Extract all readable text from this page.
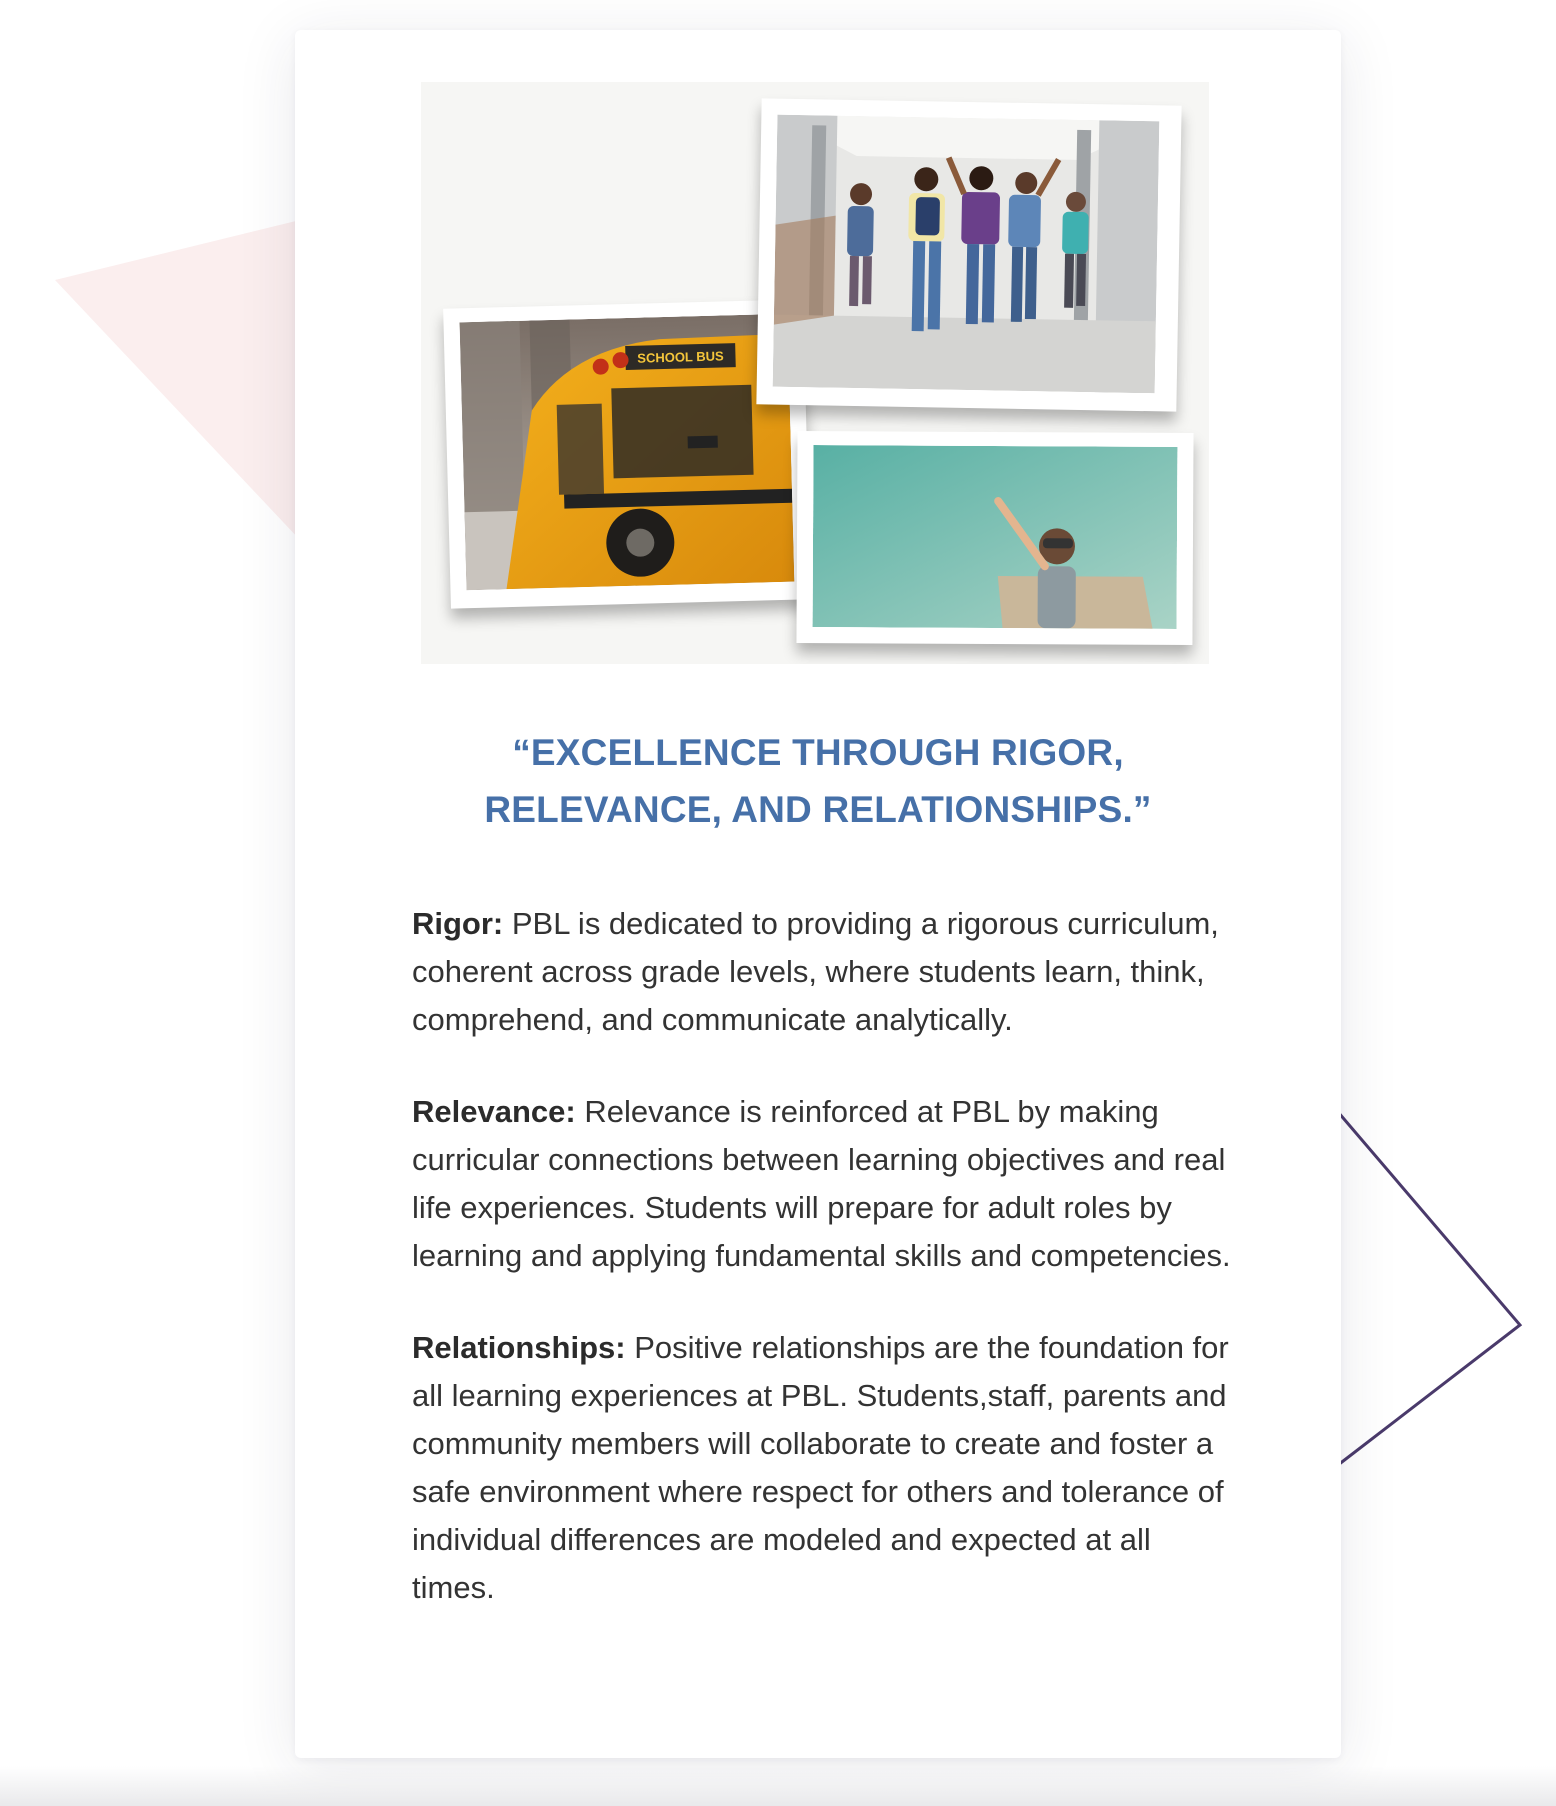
SCHOOL BUS
“EXCELLENCE THROUGH RIGOR,
RELEVANCE, AND RELATIONSHIPS.”

Rigor: PBL is dedicated to providing a rigorous curriculum, coherent across grade levels, where students learn, think, comprehend, and communicate analytically.

Relevance: Relevance is reinforced at PBL by making curricular connections between learning objectives and real life experiences. Students will prepare for adult roles by learning and applying fundamental skills and competencies.

Relationships: Positive relationships are the foundation for all learning experiences at PBL. Students,staff, parents and community members will collaborate to create and foster a safe environment where respect for others and tolerance of individual differences are modeled and expected at all times.
